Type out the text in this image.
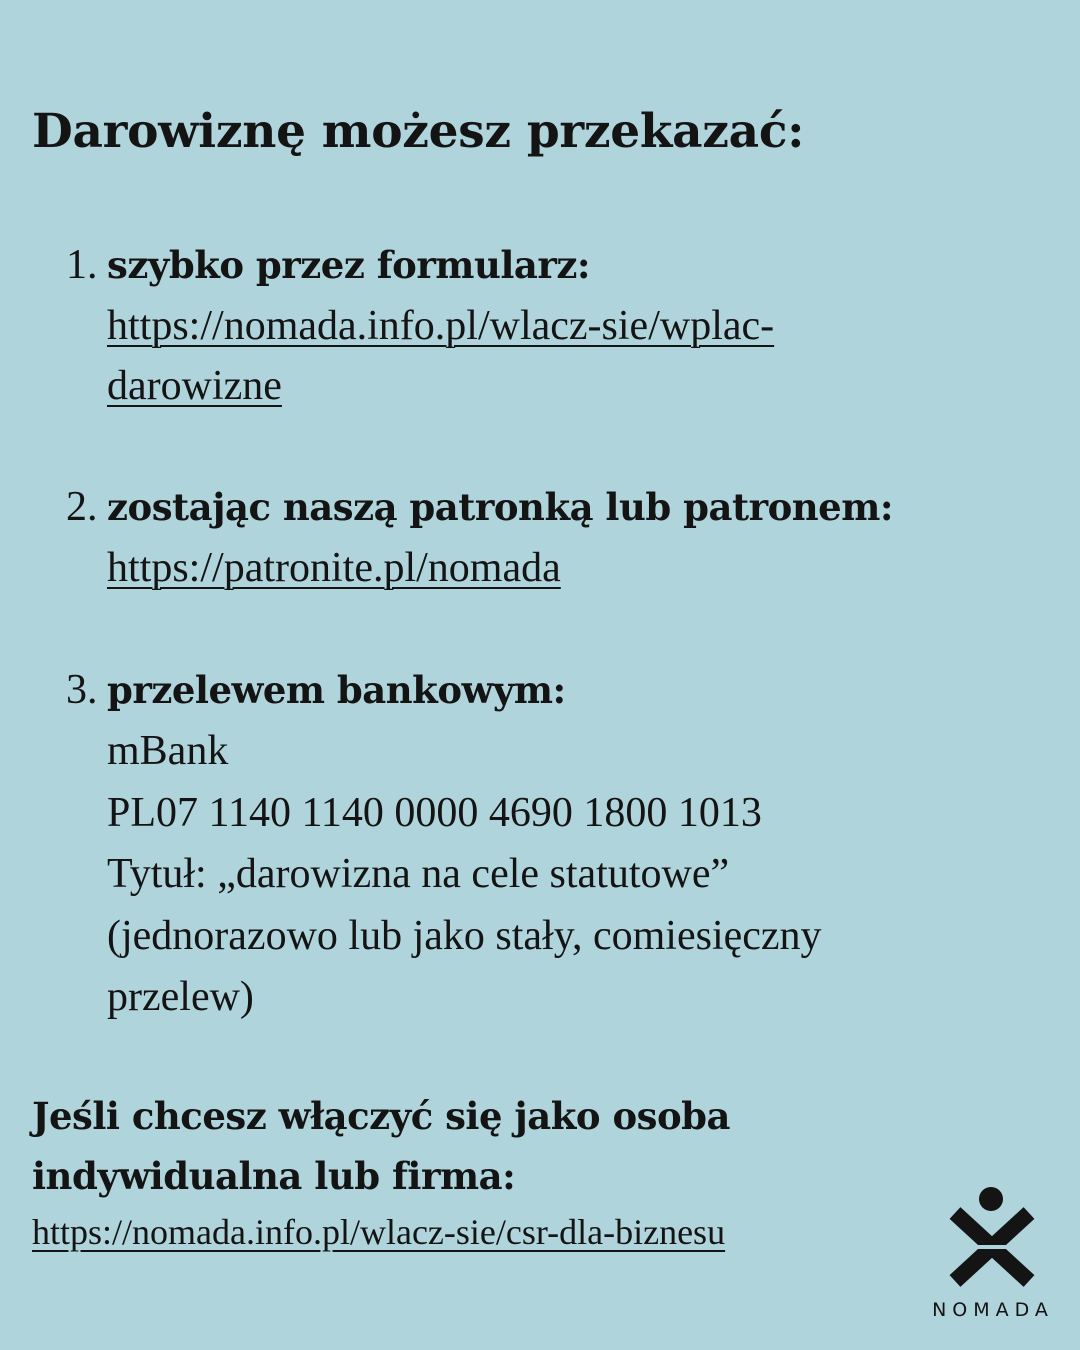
Darowiznę możesz przekazać:
1. szybko przez formularz:
https://nomada.info.pl/wlacz-sie/wplac-
darowizne
2. zostając naszą patronką lub patronem:
https://patronite.pl/nomada
3. przelewem bankowym:
mBank
PL07 1140 1140 0000 4690 1800 1013
Tytuł: „darowizna na cele statutowe”
(jednorazowo lub jako stały, comiesięczny
przelew)

Jeśli chcesz włączyć się jako osoba
indywidualna lub firma:

https://nomada.info.pl/wlacz-sie/csr-dla-biznesu
NOMADA
